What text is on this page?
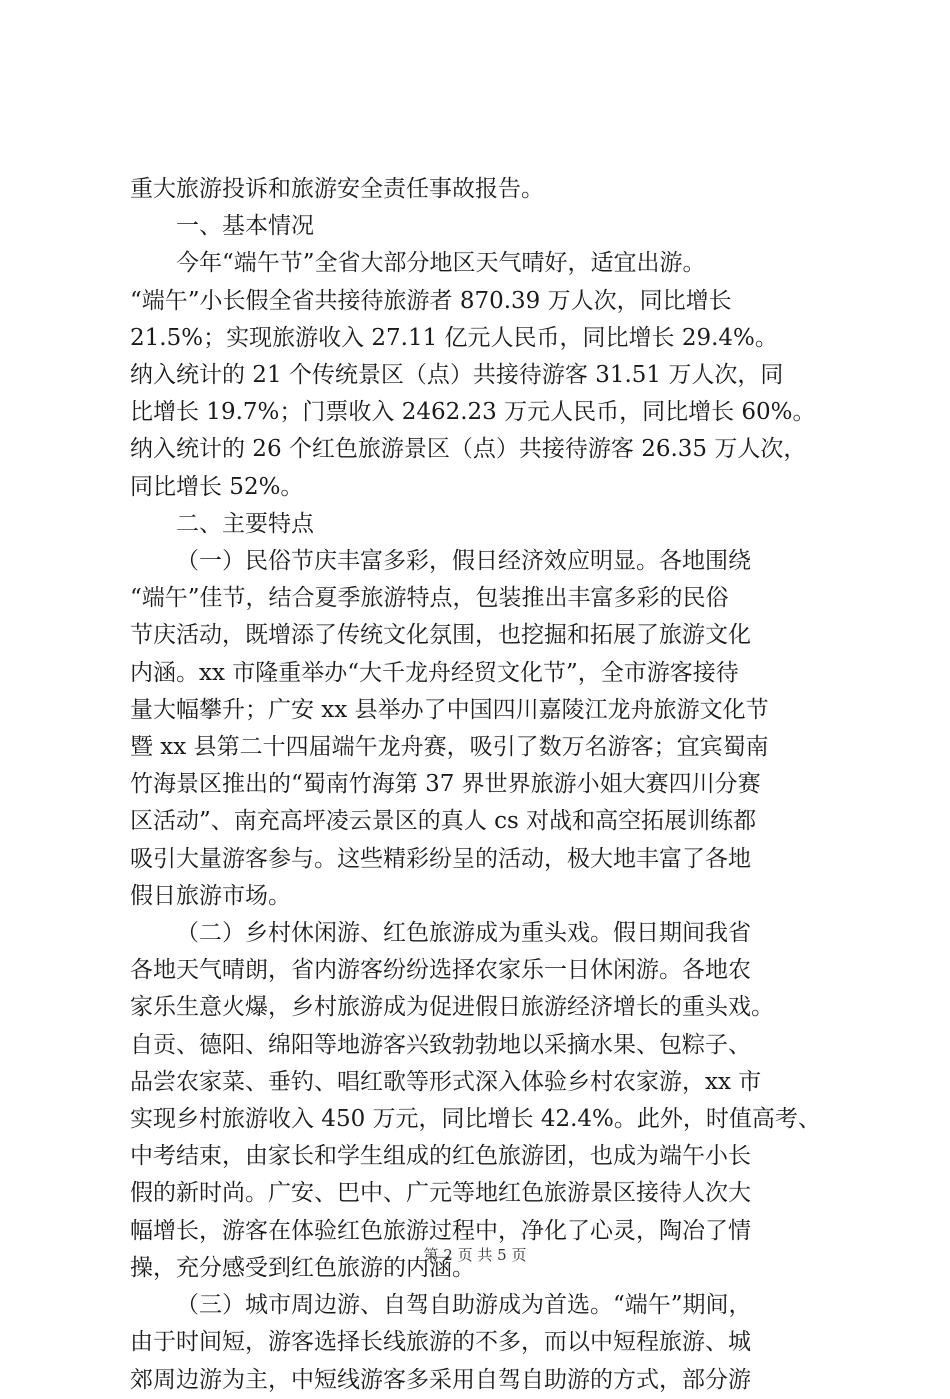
重大旅游投诉和旅游安全责任事故报告。

一、基本情况

今年“端午节”全省大部分地区天气晴好，适宜出游。

“端午”小长假全省共接待旅游者 870.39 万人次，同比增长

21.5%；实现旅游收入 27.11 亿元人民币，同比增长 29.4%。

纳入统计的 21 个传统景区（点）共接待游客 31.51 万人次，同

比增长 19.7%；门票收入 2462.23 万元人民币，同比增长 60%。

纳入统计的 26 个红色旅游景区（点）共接待游客 26.35 万人次，

同比增长 52%。

二、主要特点

（一）民俗节庆丰富多彩，假日经济效应明显。各地围绕

“端午”佳节，结合夏季旅游特点，包装推出丰富多彩的民俗

节庆活动，既增添了传统文化氛围，也挖掘和拓展了旅游文化

内涵。xx 市隆重举办“大千龙舟经贸文化节”，全市游客接待

量大幅攀升；广安 xx 县举办了中国四川嘉陵江龙舟旅游文化节

暨 xx 县第二十四届端午龙舟赛，吸引了数万名游客；宜宾蜀南

竹海景区推出的“蜀南竹海第 37 界世界旅游小姐大赛四川分赛

区活动”、南充高坪凌云景区的真人 cs 对战和高空拓展训练都

吸引大量游客参与。这些精彩纷呈的活动，极大地丰富了各地

假日旅游市场。

（二）乡村休闲游、红色旅游成为重头戏。假日期间我省

各地天气晴朗，省内游客纷纷选择农家乐一日休闲游。各地农

家乐生意火爆，乡村旅游成为促进假日旅游经济增长的重头戏。

自贡、德阳、绵阳等地游客兴致勃勃地以采摘水果、包粽子、

品尝农家菜、垂钓、唱红歌等形式深入体验乡村农家游，xx 市

实现乡村旅游收入 450 万元，同比增长 42.4%。此外，时值高考、

中考结束，由家长和学生组成的红色旅游团，也成为端午小长

假的新时尚。广安、巴中、广元等地红色旅游景区接待人次大

幅增长，游客在体验红色旅游过程中，净化了心灵，陶冶了情

操，充分感受到红色旅游的内涵。

（三）城市周边游、自驾自助游成为首选。“端午”期间，

由于时间短，游客选择长线旅游的不多，而以中短程旅游、城

郊周边游为主，中短线游客多采用自驾自助游的方式，部分游

第 2 页 共 5 页
